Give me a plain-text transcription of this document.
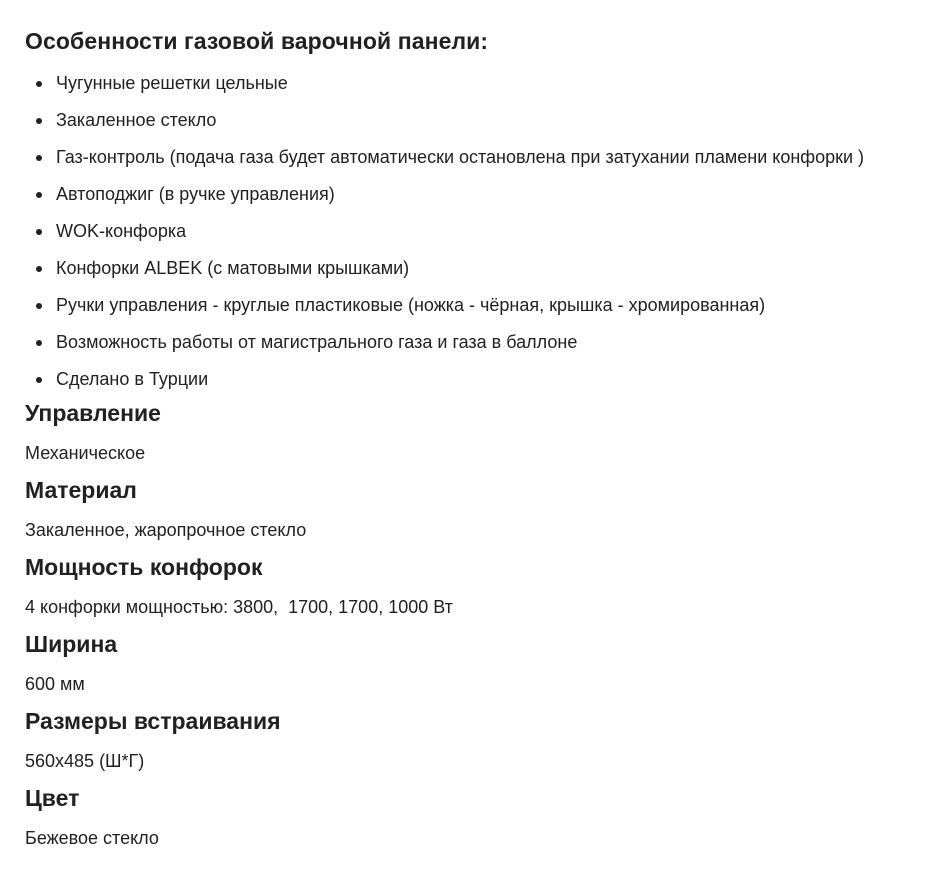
Особенности газовой варочной панели:
Чугунные решетки цельные
Закаленное стекло
Газ-контроль (подача газа будет автоматически остановлена при затухании пламени конфорки )
Автоподжиг (в ручке управления)
WOK-конфорка
Конфорки ALBEK (с матовыми крышками)
Ручки управления - круглые пластиковые (ножка - чёрная, крышка - хромированная)
Возможность работы от магистрального газа и газа в баллоне
Сделано в Турции
Управление

Механическое

Материал

Закаленное, жаропрочное стекло

Мощность конфорок

4 конфорки мощностью: 3800,  1700, 1700, 1000 Вт

Ширина

600 мм

Размеры встраивания

560х485 (Ш*Г)

Цвет

Бежевое стекло
